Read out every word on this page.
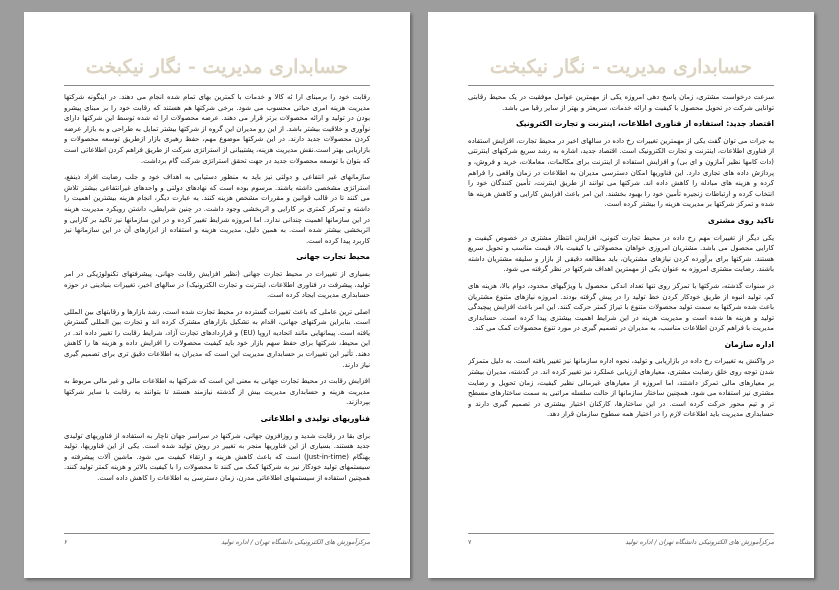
حسابداری مدیریت - نگار نیکبخت

رقابت خود را برمبنای ارا ئه کالا و خدمات با کمترین بهای تمام شده انجام می دهند. در اینگونه شرکتها مدیریت هزینه امری حیاتی محسوب می شود. برخی شرکتها هم هستند که رقابت خود را بر مبنای پیشرو بودن در تولید و ارائه محصولات برتر قرار می دهند. عرضه محصولات ارا ئه شده توسط این شرکتها دارای نوآوری و خلاقیت بیشتر باشد. از این رو مدیران این گروه از شرکتها بیشتر تمایل به طراحی و به بازار عرضه کردن محصولات جدید دارند. در این شرکتها موضوع مهم، حفظ رهبری بازار ازطریق توسعه محصولات و بازاریابی بهتر است.نقش مدیریت هزینه، پشتیبانی از استراتژی شرکت از طریق فراهم کردن اطلاعاتی است که بتوان با توسعه محصولات جدید در جهت تحقق استراتژی شرکت گام برداشت.

سازمانهای غیر انتفاعی و دولتی نیز باید به منظور دستیابی به اهداف خود و جلب رضایت افراد ذینفع، استراتژی مشخصی داشته باشند. مرسوم بوده است که نهادهای دولتی و واحدهای غیرانتفاعی بیشتر تلاش می کنند تا در قالب قوانین و مقررات مشخص هزینه کنند. به عبارت دیگر، انجام هزینه بیشترین اهمیت را داشته و تمرکز کمتری بر کارایی و اثربخشی وجود داشت. در چنین شرایطی، داشتن رویکرد مدیریت هزینه در این سازمانها اهمیت چندانی ندارد. اما امروزه شرایط تغییر کرده و در این سازمانها نیز تاکید بر کارایی و اثربخشی بیشتر شده است. به همین دلیل، مدیریت هزینه و استفاده از ابزارهای آن در این سازمانها نیز کاربرد پیدا کرده است.

محیط تجارت جهانی

بسیاری از تغییرات در محیط تجارت جهانی (نظیر افزایش رقابت جهانی، پیشرفتهای تکنولوژیکی در امر تولید، پیشرفت در فناوری اطلاعات، اینترنت و تجارت الکترونیک) در سالهای اخیر، تغییرات بنیادینی در حوزه حسابداری مدیریت ایجاد کرده است.

اصلی ترین عاملی که باعث تغییرات گسترده در محیط تجارت شده است، رشد بازارها و رقابتهای بین المللی است. بنابراین شرکتهای جهانی، اقدام به تشکیل بازارهای مشترک کرده اند و تجارت بین المللی گسترش یافته است. پیمانهایی مانند اتحادیه اروپا (EU) و قراردادهای تجارت آزاد، شرایط رقابت را تغییر داده اند. در این محیط، شرکتها برای حفظ سهم بازار خود باید کیفیت محصولات را افزایش داده و هزینه ها را کاهش دهند. تأثیر این تغییرات بر حسابداری مدیریت این است که مدیران به اطلاعات دقیق تری برای تصمیم گیری نیاز دارند.

افزایش رقابت در محیط تجارت جهانی به معنی این است که شرکتها به اطلاعات مالی و غیر مالی مربوط به مدیریت هزینه و حسابداری مدیریت بیش از گذشته نیازمند هستند تا بتوانند به رقابت با سایر شرکتها بپردازند.

فناوریهای تولیدی و اطلاعاتی

برای بقا در رقابت شدید و روزافزون جهانی، شرکتها در سراسر جهان ناچار به استفاده از فناوریهای تولیدی جدید هستند. بسیاری از این فناوریها منجر به تغییر در روش تولید شده است. یکی از این فناوریها، تولید بهنگام (Just-in-time) است که باعث کاهش هزینه و ارتقاء کیفیت می شود. ماشین آلات پیشرفته و سیستمهای تولید خودکار نیز به شرکتها کمک می کنند تا محصولات را با کیفیت بالاتر و هزینه کمتر تولید کنند. همچنین استفاده از سیستمهای اطلاعاتی مدرن، زمان دسترسی به اطلاعات را کاهش داده است.

مرکزآموزش های الکترونیکی دانشگاه تهران / اداره تولید
۶
حسابداری مدیریت - نگار نیکبخت

سرعت درخواست مشتری، زمان پاسخ دهی امروزه یکی از مهمترین عوامل موفقیت در یک محیط رقابتی توانایی شرکت در تحویل محصول با کیفیت و ارائه خدمات، سریعتر و بهتر از سایر رقبا می باشد.

اقتصاد جدید: استفاده از فناوری اطلاعات، اینترنت و تجارت الکترونیک

به جرات می توان گفت یکی از مهمترین تغییرات رخ داده در سالهای اخیر در محیط تجارت، افزایش استفاده از فناوری اطلاعات، اینترنت و تجارت الکترونیک است. اقتصاد جدید، اشاره به رشد سریع شرکتهای اینترنتی (دات کامها نظیر آمازون و ای بی) و افزایش استفاده از اینترنت برای مکالمات، معاملات، خرید و فروش، و پردازش داده های تجاری دارد. این فناوریها امکان دسترسی مدیران به اطلاعات در زمان واقعی را فراهم کرده و هزینه های مبادله را کاهش داده اند. شرکتها می توانند از طریق اینترنت، تأمین کنندگان خود را انتخاب کرده و ارتباطات زنجیره تأمین خود را بهبود بخشند. این امر باعث افزایش کارایی و کاهش هزینه ها شده و تمرکز شرکتها بر مدیریت هزینه را بیشتر کرده است.

تاکید روی مشتری

یکی دیگر از تغییرات مهم رخ داده در محیط تجارت کنونی، افزایش انتظار مشتری در خصوص کیفیت و کارایی محصول می باشد. مشتریان امروزی خواهان محصولاتی با کیفیت بالا، قیمت مناسب و تحویل سریع هستند. شرکتها برای برآورده کردن نیازهای مشتریان، باید مطالعه دقیقی از بازار و سلیقه مشتریان داشته باشند. رضایت مشتری امروزه به عنوان یکی از مهمترین اهداف شرکتها در نظر گرفته می شود.

در سنوات گذشته، شرکتها با تمرکز روی تنها تعداد اندکی محصول با ویژگیهای محدود، دوام بالا، هزینه های کم، تولید انبوه از طریق خودکار کردن خط تولید را در پیش گرفته بودند. امروزه نیازهای متنوع مشتریان باعث شده شرکتها به سمت تولید محصولات متنوع با تیراژ کمتر حرکت کنند. این امر باعث افزایش پیچیدگی تولید و هزینه ها شده است و مدیریت هزینه در این شرایط اهمیت بیشتری پیدا کرده است. حسابداری مدیریت با فراهم کردن اطلاعات مناسب، به مدیران در تصمیم گیری در مورد تنوع محصولات کمک می کند.

اداره سازمان

در واکنش به تغییرات رخ داده در بازاریابی و تولید، نحوه اداره سازمانها نیز تغییر یافته است. به دلیل متمرکز شدن توجه روی خلق رضایت مشتری، معیارهای ارزیابی عملکرد نیز تغییر کرده اند. در گذشته، مدیران بیشتر بر معیارهای مالی تمرکز داشتند، اما امروزه از معیارهای غیرمالی نظیر کیفیت، زمان تحویل و رضایت مشتری نیز استفاده می شود. همچنین ساختار سازمانها از حالت سلسله مراتبی به سمت ساختارهای مسطح تر و تیم محور حرکت کرده است. در این ساختارها، کارکنان اختیار بیشتری در تصمیم گیری دارند و حسابداری مدیریت باید اطلاعات لازم را در اختیار همه سطوح سازمان قرار دهد.

مرکزآموزش های الکترونیکی دانشگاه تهران / اداره تولید
۷
